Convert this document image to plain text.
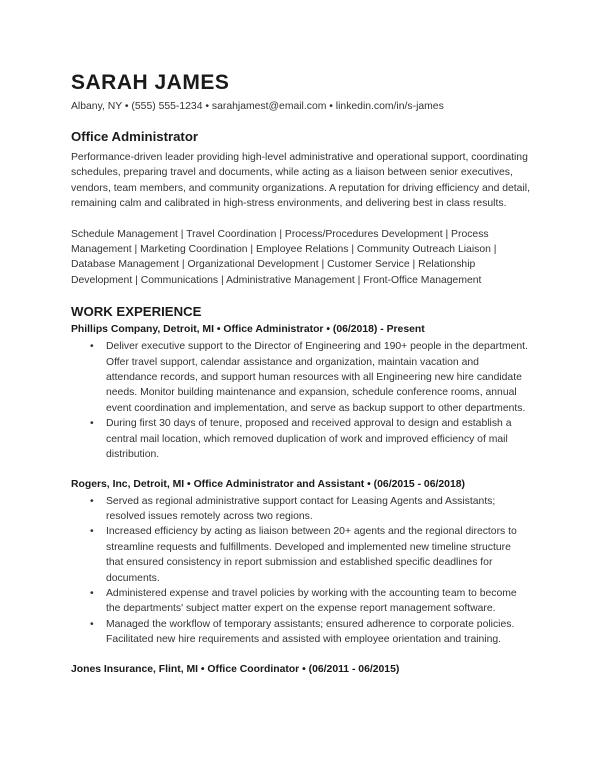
SARAH JAMES
Albany, NY • (555) 555-1234 • sarahjamest@email.com • linkedin.com/in/s-james
Office Administrator
Performance-driven leader providing high-level administrative and operational support, coordinating schedules, preparing travel and documents, while acting as a liaison between senior executives, vendors, team members, and community organizations. A reputation for driving efficiency and detail, remaining calm and calibrated in high-stress environments, and delivering best in class results.
Schedule Management | Travel Coordination | Process/Procedures Development | Process Management | Marketing Coordination | Employee Relations | Community Outreach Liaison | Database Management | Organizational Development | Customer Service | Relationship Development | Communications | Administrative Management | Front-Office Management
WORK EXPERIENCE
Phillips Company, Detroit, MI • Office Administrator • (06/2018) - Present
• Deliver executive support to the Director of Engineering and 190+ people in the department. Offer travel support, calendar assistance and organization, maintain vacation and attendance records, and support human resources with all Engineering new hire candidate needs. Monitor building maintenance and expansion, schedule conference rooms, annual event coordination and implementation, and serve as backup support to other departments.
• During first 30 days of tenure, proposed and received approval to design and establish a central mail location, which removed duplication of work and improved efficiency of mail distribution.
Rogers, Inc, Detroit, MI • Office Administrator and Assistant • (06/2015 - 06/2018)
• Served as regional administrative support contact for Leasing Agents and Assistants; resolved issues remotely across two regions.
• Increased efficiency by acting as liaison between 20+ agents and the regional directors to streamline requests and fulfillments. Developed and implemented new timeline structure that ensured consistency in report submission and established specific deadlines for documents.
• Administered expense and travel policies by working with the accounting team to become the departments' subject matter expert on the expense report management software.
• Managed the workflow of temporary assistants; ensured adherence to corporate policies. Facilitated new hire requirements and assisted with employee orientation and training.
Jones Insurance, Flint, MI • Office Coordinator • (06/2011 - 06/2015)
